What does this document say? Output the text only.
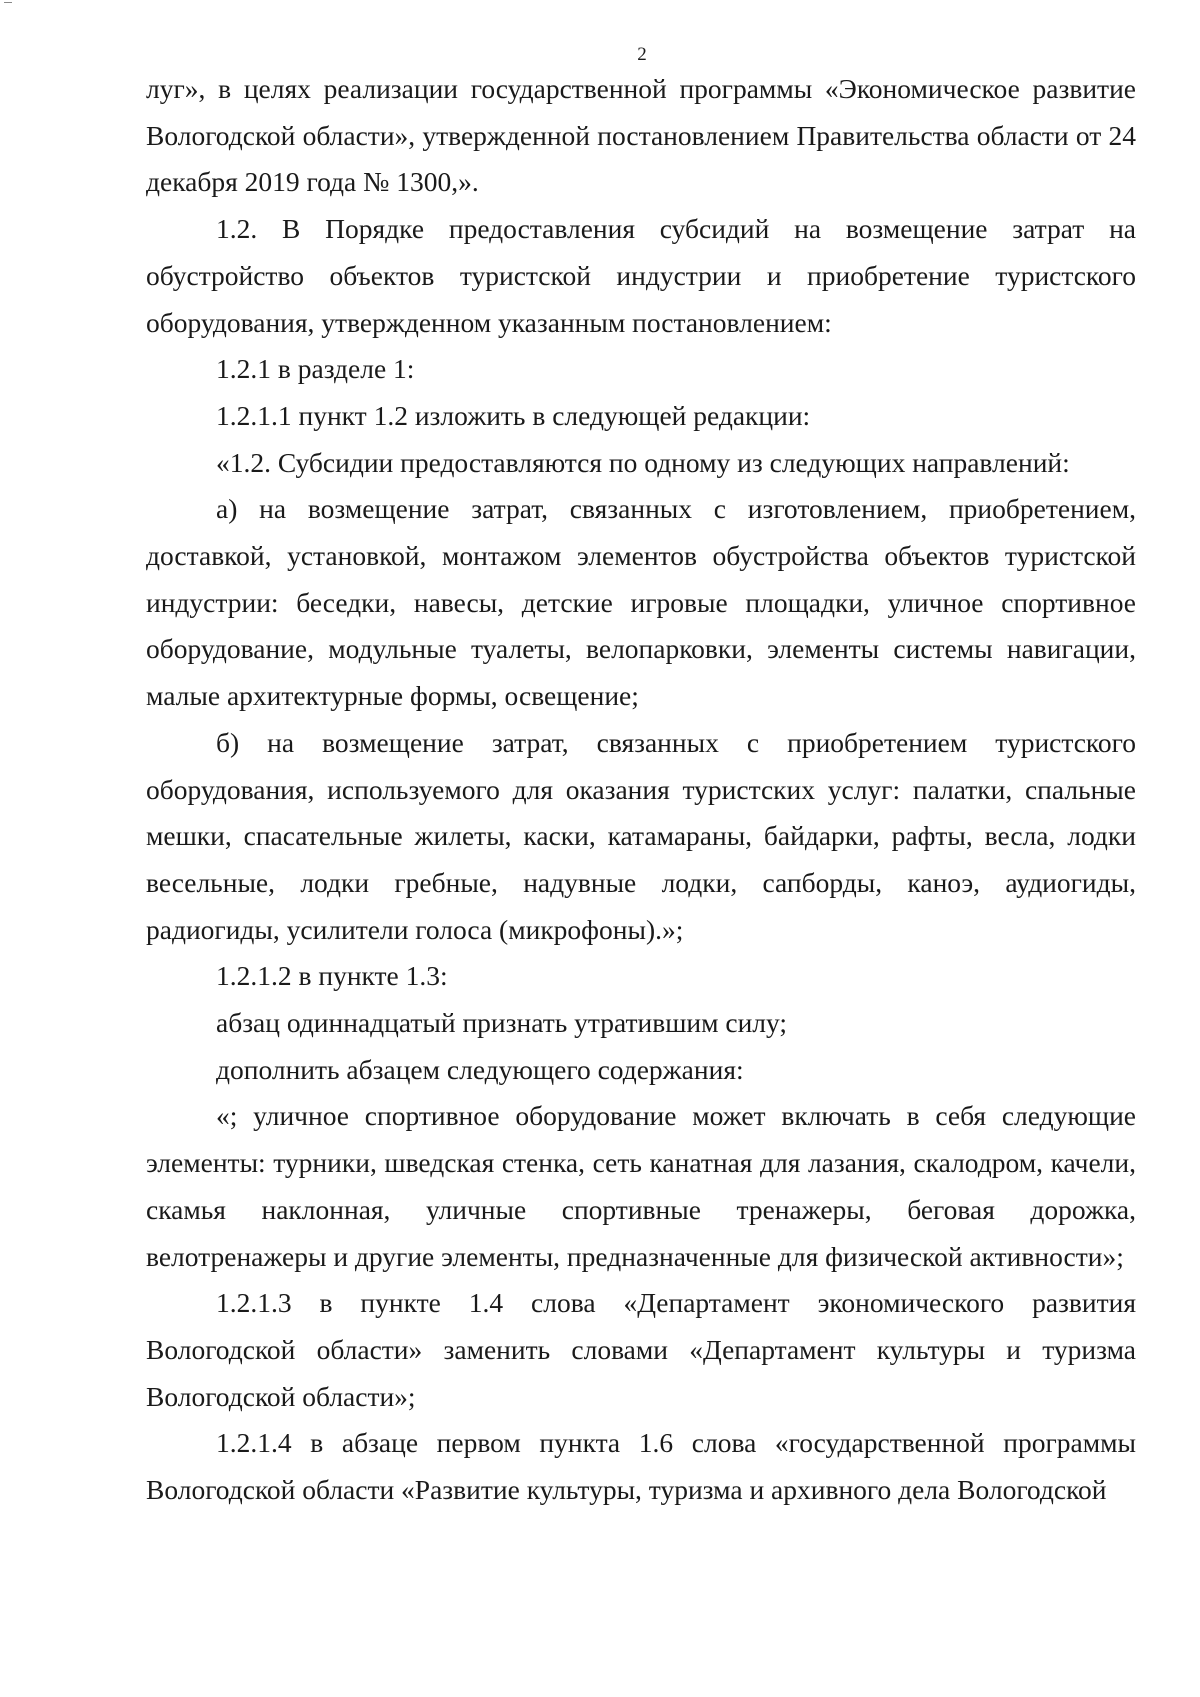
2

луг», в целях реализации государственной программы «Экономическое развитие Вологодской области», утвержденной постановлением Правительства области от 24 декабря 2019 года № 1300,».

1.2. В Порядке предоставления субсидий на возмещение затрат на обустройство объектов туристской индустрии и приобретение туристского оборудования, утвержденном указанным постановлением:

1.2.1 в разделе 1:

1.2.1.1 пункт 1.2 изложить в следующей редакции:

«1.2. Субсидии предоставляются по одному из следующих направлений:

а) на возмещение затрат, связанных с изготовлением, приобретением, доставкой, установкой, монтажом элементов обустройства объектов туристской индустрии: беседки, навесы, детские игровые площадки, уличное спортивное оборудование, модульные туалеты, велопарковки, элементы системы навигации, малые архитектурные формы, освещение;

б) на возмещение затрат, связанных с приобретением туристского оборудования, используемого для оказания туристских услуг: палатки, спальные мешки, спасательные жилеты, каски, катамараны, байдарки, рафты, весла, лодки весельные, лодки гребные, надувные лодки, сапборды, каноэ, аудиогиды, радиогиды, усилители голоса (микрофоны).»;

1.2.1.2 в пункте 1.3:

абзац одиннадцатый признать утратившим силу;

дополнить абзацем следующего содержания:

«; уличное спортивное оборудование может включать в себя следующие элементы: турники, шведская стенка, сеть канатная для лазания, скалодром, качели, скамья наклонная, уличные спортивные тренажеры, беговая дорожка, велотренажеры и другие элементы, предназначенные для физической активности»;

1.2.1.3 в пункте 1.4 слова «Департамент экономического развития Вологодской области» заменить словами «Департамент культуры и туризма Вологодской области»;

1.2.1.4 в абзаце первом пункта 1.6 слова «государственной программы Вологодской области «Развитие культуры, туризма и архивного дела Вологодской
